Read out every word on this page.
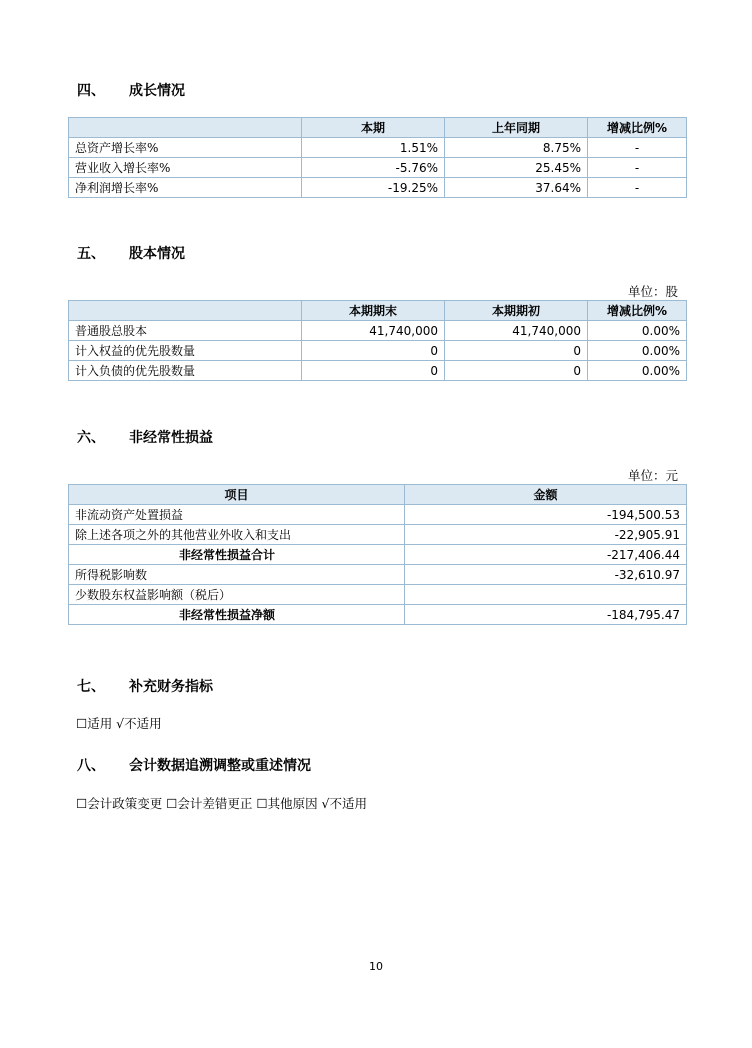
四、	成长情况
	本期	上年同期	增减比例%
总资产增长率%	1.51%	8.75%	-
营业收入增长率%	-5.76%	25.45%	-
净利润增长率%	-19.25%	37.64%	-
五、	股本情况
单位：股
	本期期末	本期期初	增减比例%
普通股总股本	41,740,000	41,740,000	0.00%
计入权益的优先股数量	0	0	0.00%
计入负债的优先股数量	0	0	0.00%
六、	非经常性损益
单位：元
项目	金额
非流动资产处置损益	-194,500.53
除上述各项之外的其他营业外收入和支出	-22,905.91
非经常性损益合计	-217,406.44
所得税影响数	-32,610.97
少数股东权益影响额（税后）	
非经常性损益净额	-184,795.47
七、	补充财务指标
☐适用 √不适用
八、	会计数据追溯调整或重述情况
☐会计政策变更 ☐会计差错更正 ☐其他原因 √不适用
10
